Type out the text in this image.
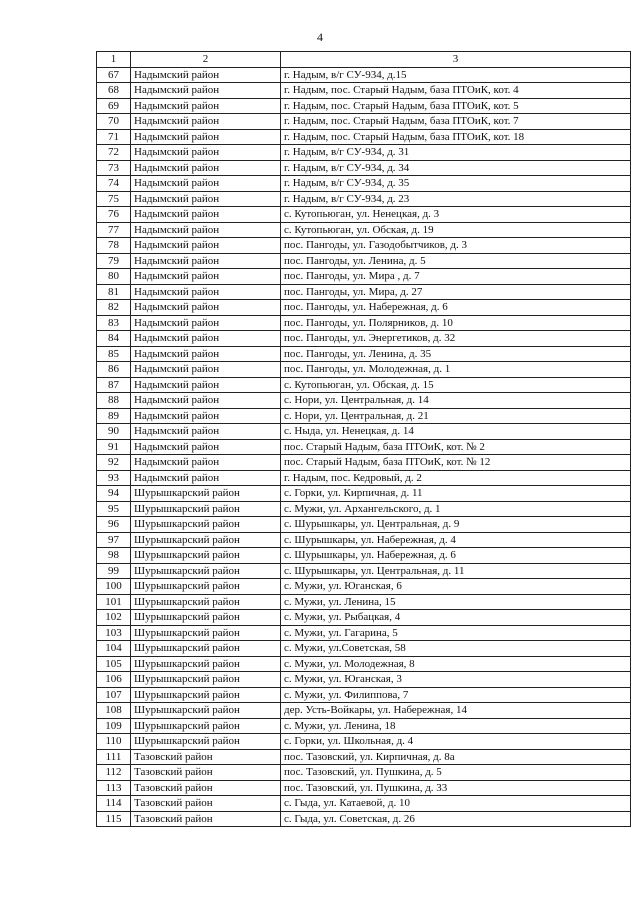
4
1	2	3
67	Надымский район	г. Надым, в/г СУ-934, д.15
68	Надымский район	г. Надым, пос. Старый Надым, база ПТОиК, кот. 4
69	Надымский район	г. Надым, пос. Старый Надым, база ПТОиК, кот. 5
70	Надымский район	г. Надым, пос. Старый Надым, база ПТОиК, кот. 7
71	Надымский район	г. Надым, пос. Старый Надым, база ПТОиК, кот. 18
72	Надымский район	г. Надым, в/г СУ-934, д. 31
73	Надымский район	г. Надым, в/г СУ-934, д. 34
74	Надымский район	г. Надым, в/г СУ-934, д. 35
75	Надымский район	г. Надым, в/г СУ-934, д. 23
76	Надымский район	с. Кутопьюган, ул. Ненецкая, д. 3
77	Надымский район	с. Кутопьюган, ул. Обская, д. 19
78	Надымский район	пос. Пангоды, ул. Газодобытчиков, д. 3
79	Надымский район	пос. Пангоды, ул. Ленина, д. 5
80	Надымский район	пос. Пангоды, ул. Мира , д. 7
81	Надымский район	пос. Пангоды, ул. Мира, д. 27
82	Надымский район	пос. Пангоды, ул. Набережная, д. 6
83	Надымский район	пос. Пангоды, ул. Полярников, д. 10
84	Надымский район	пос. Пангоды, ул. Энергетиков, д. 32
85	Надымский район	пос. Пангоды, ул. Ленина, д. 35
86	Надымский район	пос. Пангоды, ул. Молодежная, д. 1
87	Надымский район	с. Кутопьюган, ул. Обская, д. 15
88	Надымский район	с. Нори, ул. Центральная, д. 14
89	Надымский район	с. Нори, ул. Центральная, д. 21
90	Надымский район	с. Ныда, ул. Ненецкая, д. 14
91	Надымский район	пос. Старый Надым, база ПТОиК, кот. № 2
92	Надымский район	пос. Старый Надым, база ПТОиК, кот. № 12
93	Надымский район	г. Надым, пос. Кедровый, д. 2
94	Шурышкарский район	с. Горки, ул. Кирпичная, д. 11
95	Шурышкарский район	с. Мужи, ул. Архангельского, д. 1
96	Шурышкарский район	с. Шурышкары, ул. Центральная, д. 9
97	Шурышкарский район	с. Шурышкары, ул. Набережная, д. 4
98	Шурышкарский район	с. Шурышкары, ул. Набережная, д. 6
99	Шурышкарский район	с. Шурышкары, ул. Центральная, д. 11
100	Шурышкарский район	с. Мужи, ул. Юганская, 6
101	Шурышкарский район	с. Мужи, ул. Ленина, 15
102	Шурышкарский район	с. Мужи, ул. Рыбацкая, 4
103	Шурышкарский район	с. Мужи, ул. Гагарина, 5
104	Шурышкарский район	с. Мужи, ул.Советская, 58
105	Шурышкарский район	с. Мужи, ул. Молодежная, 8
106	Шурышкарский район	с. Мужи, ул. Юганская, 3
107	Шурышкарский район	с. Мужи, ул. Филиппова, 7
108	Шурышкарский район	дер. Усть-Войкары, ул. Набережная, 14
109	Шурышкарский район	с. Мужи, ул. Ленина, 18
110	Шурышкарский район	с. Горки, ул. Школьная, д. 4
111	Тазовский район	пос. Тазовский, ул. Кирпичная, д. 8а
112	Тазовский район	пос. Тазовский, ул. Пушкина, д. 5
113	Тазовский район	пос. Тазовский, ул. Пушкина, д. 33
114	Тазовский район	с. Гыда, ул. Катаевой, д. 10
115	Тазовский район	с. Гыда, ул. Советская, д. 26
